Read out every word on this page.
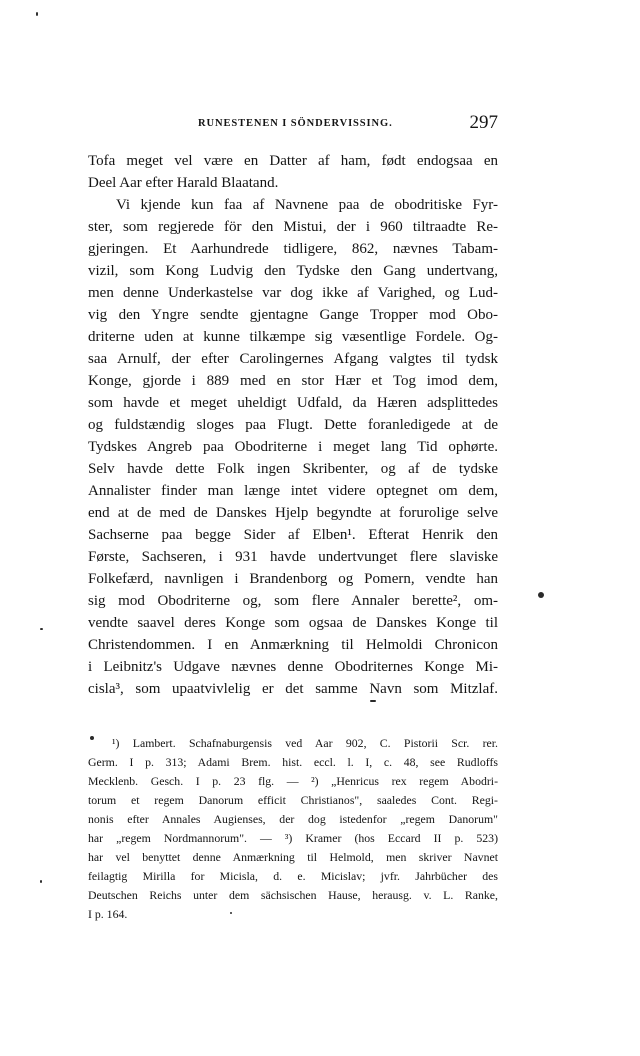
RUNESTENEN I SÖNDERVISSING.	297
Tofa meget vel være en Datter af ham, født endogsaa en
Deel Aar efter Harald Blaatand.
Vi kjende kun faa af Navnene paa de obodritiske Fyr-
ster, som regjerede för den Mistui, der i 960 tiltraadte Re-
gjeringen. Et Aarhundrede tidligere, 862, nævnes Tabam-
vizil, som Kong Ludvig den Tydske den Gang undertvang,
men denne Underkastelse var dog ikke af Varighed, og Lud-
vig den Yngre sendte gjentagne Gange Tropper mod Obo-
driterne uden at kunne tilkæmpe sig væsentlige Fordele. Og-
saa Arnulf, der efter Carolingernes Afgang valgtes til tydsk
Konge, gjorde i 889 med en stor Hær et Tog imod dem,
som havde et meget uheldigt Udfald, da Hæren adsplittedes
og fuldstændig sloges paa Flugt. Dette foranledigede at de
Tydskes Angreb paa Obodriterne i meget lang Tid ophørte.
Selv havde dette Folk ingen Skribenter, og af de tydske
Annalister finder man længe intet videre optegnet om dem,
end at de med de Danskes Hjelp begyndte at forurolige selve
Sachserne paa begge Sider af Elben¹. Efterat Henrik den
Første, Sachseren, i 931 havde undertvunget flere slaviske
Folkefærd, navnligen i Brandenborg og Pomern, vendte han
sig mod Obodriterne og, som flere Annaler berette², om-
vendte saavel deres Konge som ogsaa de Danskes Konge til
Christendommen. I en Anmærkning til Helmoldi Chronicon
i Leibnitz's Udgave nævnes denne Obodriternes Konge Mi-
cisla³, som upaatvivlelig er det samme Navn som Mitzlaf.
¹) Lambert. Schafnaburgensis ved Aar 902, C. Pistorii Scr. rer.
Germ. I p. 313; Adami Brem. hist. eccl. l. I, c. 48, see Rudloffs
Mecklenb. Gesch. I p. 23 flg. — ²) „Henricus rex regem Abodri-
torum et regem Danorum efficit Christianos", saaledes Cont. Regi-
nonis efter Annales Augienses, der dog istedenfor „regem Danorum"
har „regem Nordmannorum". — ³) Kramer (hos Eccard II p. 523)
har vel benyttet denne Anmærkning til Helmold, men skriver Navnet
feilagtig Mirilla for Micisla, d. e. Micislav; jvfr. Jahrbücher des
Deutschen Reichs unter dem sächsischen Hause, herausg. v. L. Ranke,
I p. 164.
